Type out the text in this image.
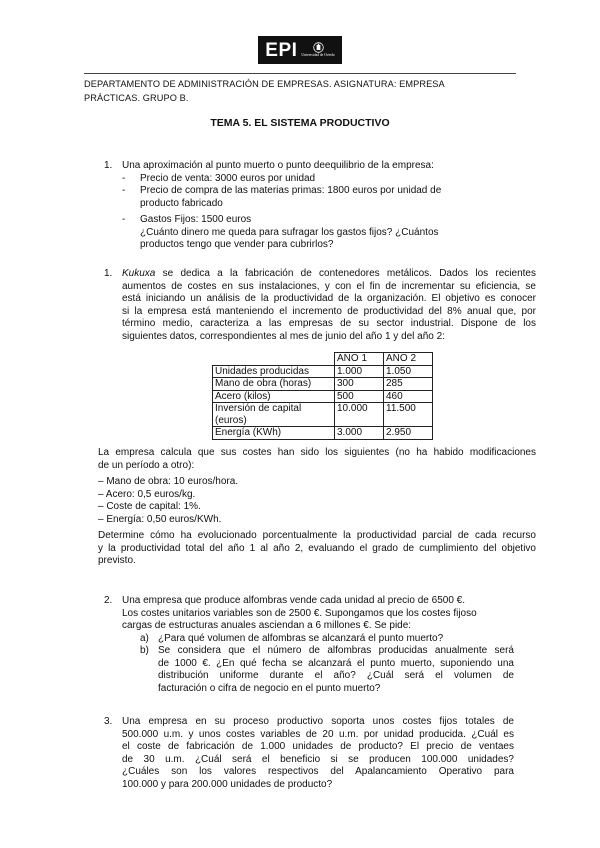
EPI Universidad de Oviedo
DEPARTAMENTO DE ADMINISTRACIÓN DE EMPRESAS. ASIGNATURA: EMPRESA
PRÁCTICAS. GRUPO B.
TEMA 5. EL SISTEMA PRODUCTIVO
1. Una aproximación al punto muerto o punto deequilibrio de la empresa:

- Precio de venta: 3000 euros por unidad

- Precio de compra de las materias primas: 1800 euros por unidad de

producto fabricado

- Gastos Fijos: 1500 euros

¿Cuánto dinero me queda para sufragar los gastos fijos? ¿Cuántos

productos tengo que vender para cubrirlos?

1. Kukuxa se dedica a la fabricación de contenedores metálicos. Dados los recientes

aumentos de costes en sus instalaciones, y con el fin de incrementar su eficiencia, se

está iniciando un análisis de la productividad de la organización. El objetivo es conocer

si la empresa está manteniendo el incremento de productividad del 8% anual que, por

término medio, caracteriza a las empresas de su sector industrial. Dispone de los

siguientes datos, correspondientes al mes de junio del año 1 y del año 2:

	AÑO 1	AÑO 2
Unidades producidas	1.000	1.050
Mano de obra (horas)	300	285
Acero (kilos)	500	460

Inversión de capital
(euros)	10.000	11.500
Energía (KWh)	3.000	2.950

La empresa calcula que sus costes han sido los siguientes (no ha habido modificaciones

de un período a otro):

– Mano de obra: 10 euros/hora.

– Acero: 0,5 euros/kg.

– Coste de capital: 1%.

– Energía: 0,50 euros/KWh.

Determine cómo ha evolucionado porcentualmente la productividad parcial de cada recurso

y la productividad total del año 1 al año 2, evaluando el grado de cumplimiento del objetivo

previsto.

2. Una empresa que produce alfombras vende cada unidad al precio de 6500 €.

Los costes unitarios variables son de 2500 €. Supongamos que los costes fijoso

cargas de estructuras anuales asciendan a 6 millones €. Se pide:

a) ¿Para qué volumen de alfombras se alcanzará el punto muerto?

b) Se considera que el número de alfombras producidas anualmente será

de 1000 €. ¿En qué fecha se alcanzará el punto muerto, suponiendo una

distribución uniforme durante el año? ¿Cuál será el volumen de

facturación o cifra de negocio en el punto muerto?

3. Una empresa en su proceso productivo soporta unos costes fijos totales de

500.000 u.m. y unos costes variables de 20 u.m. por unidad producida. ¿Cuál es

el coste de fabricación de 1.000 unidades de producto? El precio de ventaes

de 30 u.m. ¿Cuál será el beneficio si se producen 100.000 unidades?

¿Cuáles son los valores respectivos del Apalancamiento Operativo para

100.000 y para 200.000 unidades de producto?
